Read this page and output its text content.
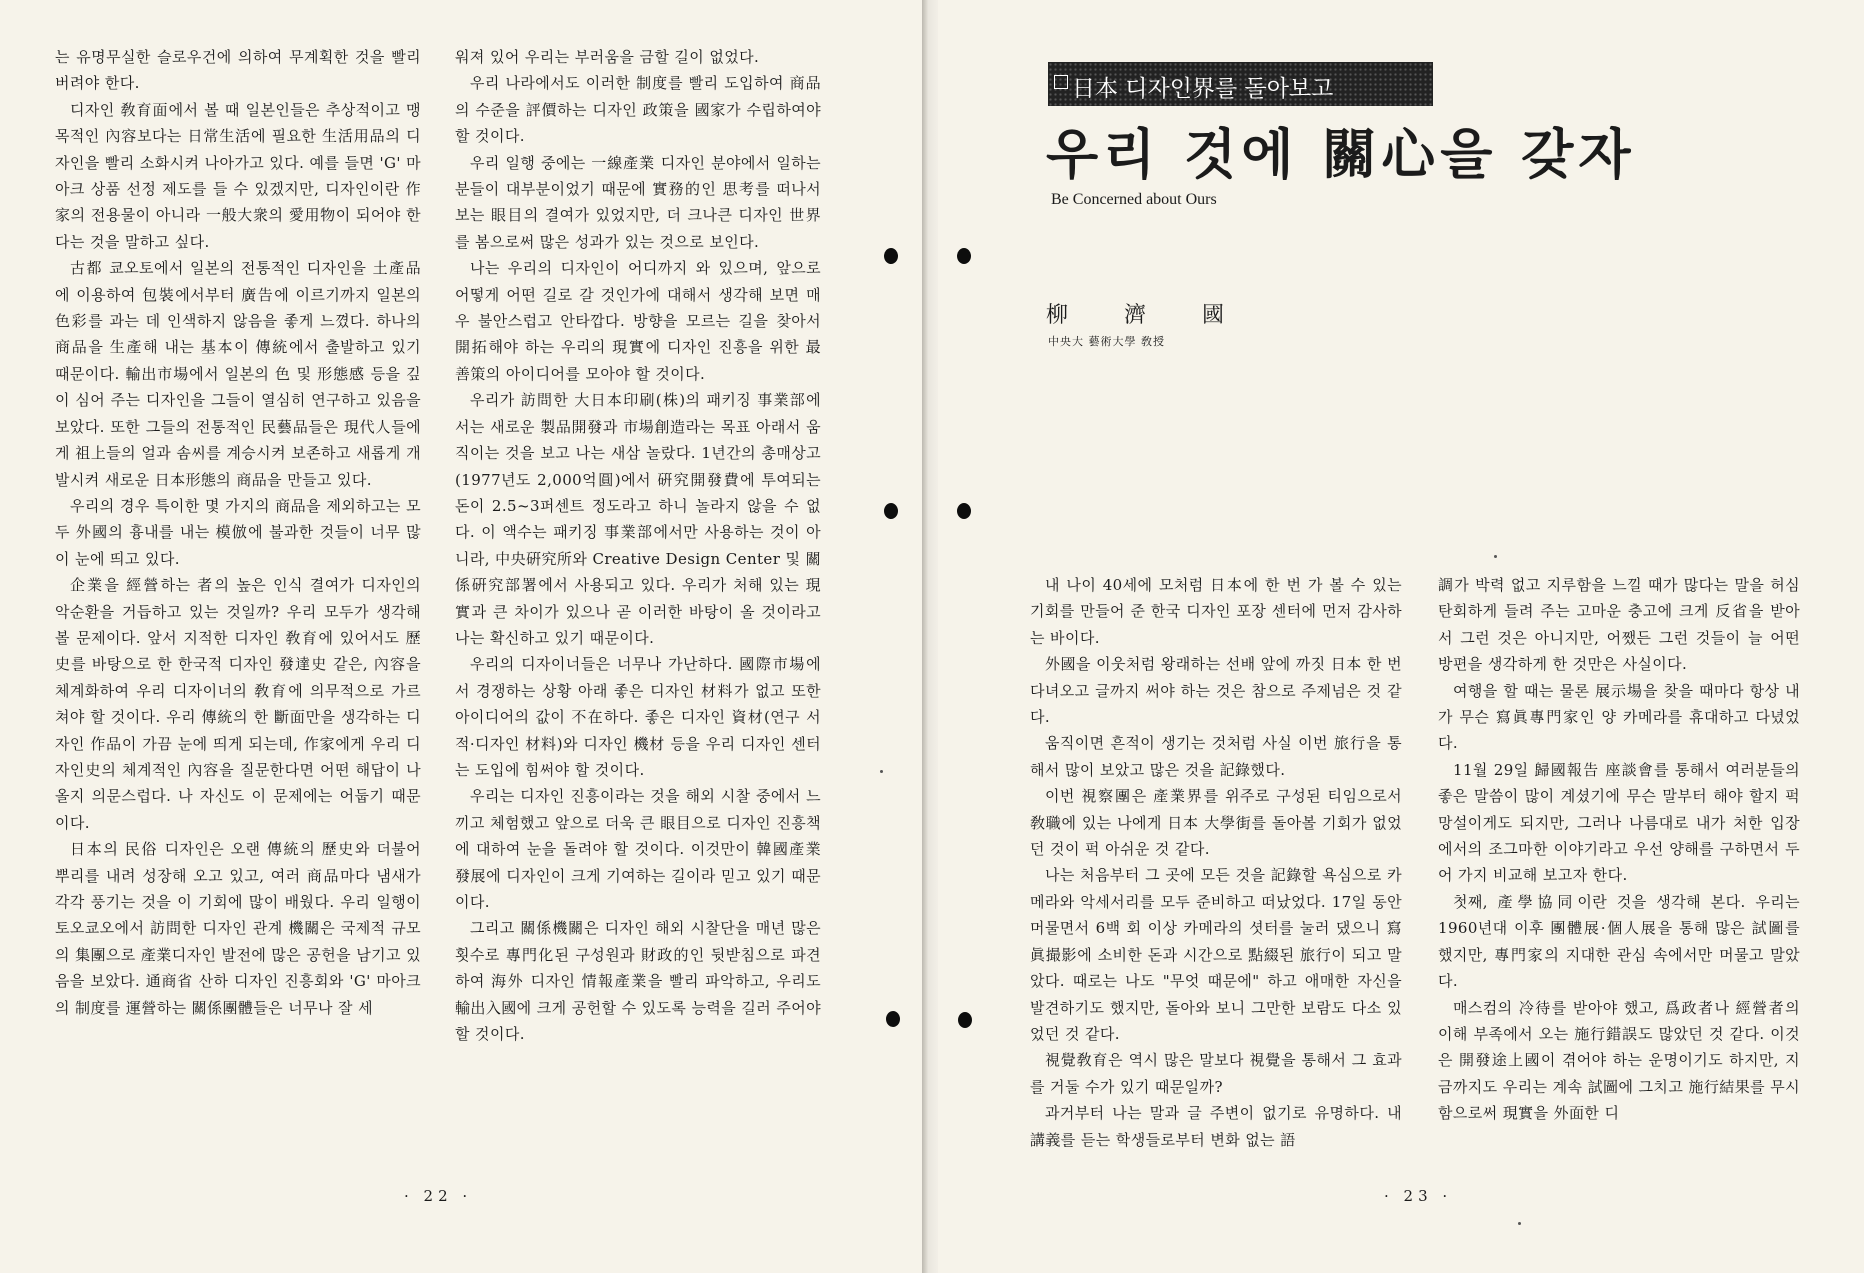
는 유명무실한 슬로우건에 의하여 무계획한 것을 빨리 버려야 한다.

디자인 敎育面에서 볼 때 일본인들은 추상적이고 맹목적인 內容보다는 日常生活에 필요한 生活用品의 디자인을 빨리 소화시켜 나아가고 있다. 예를 들면 'G' 마아크 상품 선정 제도를 들 수 있겠지만, 디자인이란 作家의 전용물이 아니라 一般大衆의 愛用物이 되어야 한다는 것을 말하고 싶다.

古都 쿄오토에서 일본의 전통적인 디자인을 土產品에 이용하여 包裝에서부터 廣告에 이르기까지 일본의 色彩를 과는 데 인색하지 않음을 좋게 느꼈다. 하나의 商品을 生產해 내는 基本이 傳統에서 출발하고 있기 때문이다. 輸出市場에서 일본의 色 및 形態感 등을 깊이 심어 주는 디자인을 그들이 열심히 연구하고 있음을 보았다. 또한 그들의 전통적인 民藝品들은 現代人들에게 祖上들의 얼과 솜씨를 계승시켜 보존하고 새롭게 개발시켜 새로운 日本形態의 商品을 만들고 있다.

우리의 경우 특이한 몇 가지의 商品을 제외하고는 모두 外國의 흉내를 내는 模倣에 불과한 것들이 너무 많이 눈에 띄고 있다.

企業을 經營하는 者의 높은 인식 결여가 디자인의 악순환을 거듭하고 있는 것일까? 우리 모두가 생각해 볼 문제이다. 앞서 지적한 디자인 敎育에 있어서도 歷史를 바탕으로 한 한국적 디자인 發達史 같은, 內容을 체계화하여 우리 디자이너의 敎育에 의무적으로 가르쳐야 할 것이다. 우리 傳統의 한 斷面만을 생각하는 디자인 作品이 가끔 눈에 띄게 되는데, 作家에게 우리 디자인史의 체계적인 內容을 질문한다면 어떤 해답이 나올지 의문스럽다. 나 자신도 이 문제에는 어둡기 때문이다.

日本의 民俗 디자인은 오랜 傳統의 歷史와 더불어 뿌리를 내려 성장해 오고 있고, 여러 商品마다 냄새가 각각 풍기는 것을 이 기회에 많이 배웠다. 우리 일행이 토오쿄오에서 訪問한 디자인 관계 機關은 국제적 규모의 集團으로 產業디자인 발전에 많은 공헌을 남기고 있음을 보았다. 通商省 산하 디자인 진흥회와 'G' 마아크의 制度를 運營하는 關係團體들은 너무나 잘 세

워져 있어 우리는 부러움을 금할 길이 없었다.

우리 나라에서도 이러한 制度를 빨리 도입하여 商品의 수준을 評價하는 디자인 政策을 國家가 수립하여야 할 것이다.

우리 일행 중에는 一線產業 디자인 분야에서 일하는 분들이 대부분이었기 때문에 實務的인 思考를 떠나서 보는 眼目의 결여가 있었지만, 더 크나큰 디자인 世界를 봄으로써 많은 성과가 있는 것으로 보인다.

나는 우리의 디자인이 어디까지 와 있으며, 앞으로 어떻게 어떤 길로 갈 것인가에 대해서 생각해 보면 매우 불안스럽고 안타깝다. 방향을 모르는 길을 찾아서 開拓해야 하는 우리의 現實에 디자인 진흥을 위한 最善策의 아이디어를 모아야 할 것이다.

우리가 訪問한 大日本印刷(株)의 패키징 事業部에서는 새로운 製品開發과 市場創造라는 목표 아래서 움직이는 것을 보고 나는 새삼 놀랐다. 1년간의 총매상고(1977년도 2,000억圓)에서 硏究開發費에 투여되는 돈이 2.5~3퍼센트 정도라고 하니 놀라지 않을 수 없다. 이 액수는 패키징 事業部에서만 사용하는 것이 아니라, 中央硏究所와 Creative Design Center 및 關係硏究部署에서 사용되고 있다. 우리가 처해 있는 現實과 큰 차이가 있으나 곧 이러한 바탕이 올 것이라고 나는 확신하고 있기 때문이다.

우리의 디자이너들은 너무나 가난하다. 國際市場에서 경쟁하는 상황 아래 좋은 디자인 材料가 없고 또한 아이디어의 값이 不在하다. 좋은 디자인 資材(연구 서적·디자인 材料)와 디자인 機材 등을 우리 디자인 센터는 도입에 힘써야 할 것이다.

우리는 디자인 진흥이라는 것을 해외 시찰 중에서 느끼고 체험했고 앞으로 더욱 큰 眼目으로 디자인 진흥책에 대하여 눈을 돌려야 할 것이다. 이것만이 韓國產業發展에 디자인이 크게 기여하는 길이라 믿고 있기 때문이다.

그리고 關係機關은 디자인 해외 시찰단을 매년 많은 횟수로 專門化된 구성원과 財政的인 뒷받침으로 파견하여 海外 디자인 情報產業을 빨리 파악하고, 우리도 輸出入國에 크게 공헌할 수 있도록 능력을 길러 주어야 할 것이다.

· 22 ·
日本 디자인界를 돌아보고
우리 것에 關心을 갖자
Be Concerned about Ours
柳濟國
中央大 藝術大學 敎授

내 나이 40세에 모처럼 日本에 한 번 가 볼 수 있는 기회를 만들어 준 한국 디자인 포장 센터에 먼저 감사하는 바이다.

外國을 이웃처럼 왕래하는 선배 앞에 까짓 日本 한 번 다녀오고 글까지 써야 하는 것은 참으로 주제넘은 것 같다.

움직이면 흔적이 생기는 것처럼 사실 이번 旅行을 통해서 많이 보았고 많은 것을 記錄했다.

이번 視察團은 產業界를 위주로 구성된 티임으로서 敎職에 있는 나에게 日本 大學街를 돌아볼 기회가 없었던 것이 퍽 아쉬운 것 같다.

나는 처음부터 그 곳에 모든 것을 記錄할 욕심으로 카메라와 악세서리를 모두 준비하고 떠났었다. 17일 동안 머물면서 6백 회 이상 카메라의 셧터를 눌러 댔으니 寫眞撮影에 소비한 돈과 시간으로 點綴된 旅行이 되고 말았다. 때로는 나도 "무엇 때문에" 하고 애매한 자신을 발견하기도 했지만, 돌아와 보니 그만한 보람도 다소 있었던 것 같다.

視覺敎育은 역시 많은 말보다 視覺을 통해서 그 효과를 거둘 수가 있기 때문일까?

과거부터 나는 말과 글 주변이 없기로 유명하다. 내 講義를 듣는 학생들로부터 변화 없는 語

調가 박력 없고 지루함을 느낄 때가 많다는 말을 허심탄회하게 들려 주는 고마운 충고에 크게 反省을 받아서 그런 것은 아니지만, 어쨌든 그런 것들이 늘 어떤 방편을 생각하게 한 것만은 사실이다.

여행을 할 때는 물론 展示場을 찾을 때마다 항상 내가 무슨 寫眞專門家인 양 카메라를 휴대하고 다녔었다.

11월 29일 歸國報告 座談會를 통해서 여러분들의 좋은 말씀이 많이 계셨기에 무슨 말부터 해야 할지 퍽 망설이게도 되지만, 그러나 나름대로 내가 처한 입장에서의 조그마한 이야기라고 우선 양해를 구하면서 두어 가지 비교해 보고자 한다.

첫째, 產學協同이란 것을 생각해 본다. 우리는 1960년대 이후 團體展·個人展을 통해 많은 試圖를 했지만, 專門家의 지대한 관심 속에서만 머물고 말았다.

매스컴의 冷待를 받아야 했고, 爲政者나 經營者의 이해 부족에서 오는 施行錯誤도 많았던 것 같다. 이것은 開發途上國이 겪어야 하는 운명이기도 하지만, 지금까지도 우리는 계속 試圖에 그치고 施行結果를 무시함으로써 現實을 外面한 디

· 23 ·
